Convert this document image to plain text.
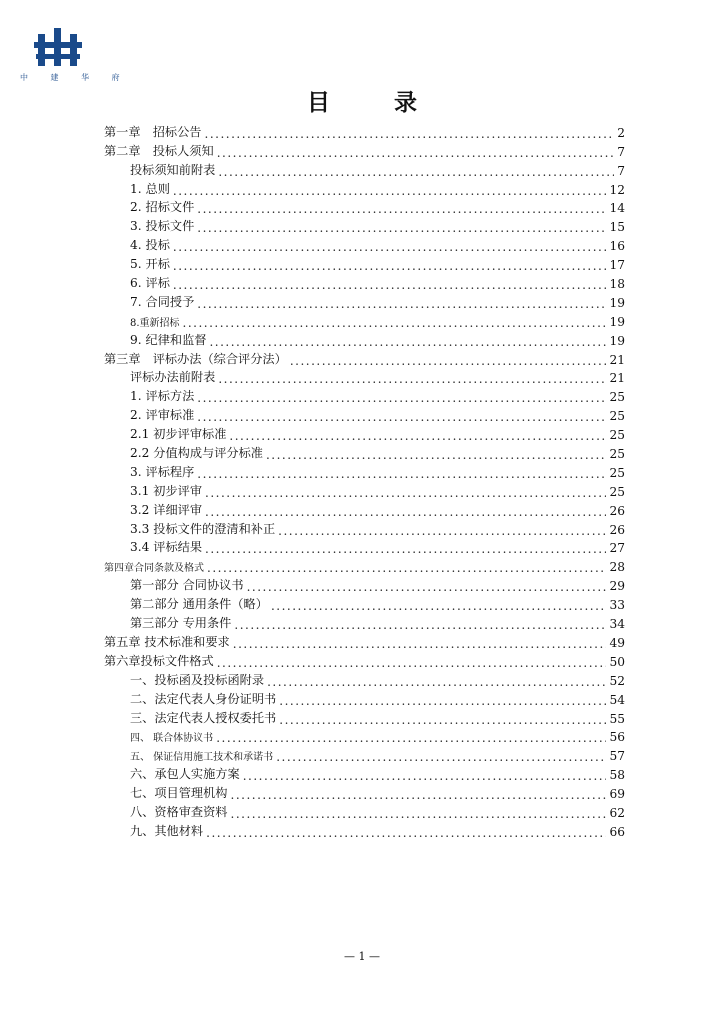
中 建 华 府
目 录
第一章　招标公告 .....	2
第二章　投标人须知 .....	7
投标须知前附表 .....	7
1. 总则 .....	12
2. 招标文件 .....	14
3. 投标文件 .....	15
4. 投标 .....	16
5. 开标 .....	17
6. 评标 .....	18
7. 合同授予 .....	19
8.重新招标 .....	19
9. 纪律和监督 .....	19
第三章　评标办法（综合评分法） .....	21
评标办法前附表 .....	21
1. 评标方法 .....	25
2. 评审标准 .....	25
2.1 初步评审标准 .....	25
2.2 分值构成与评分标准 .....	25
3. 评标程序 .....	25
3.1 初步评审 .....	25
3.2 详细评审 .....	26
3.3 投标文件的澄清和补正 .....	26
3.4 评标结果 .....	27
第四章合同条款及格式 .....	28
第一部分 合同协议书 .....	29
第二部分 通用条件（略） .....	33
第三部分 专用条件 .....	34
第五章 技术标准和要求 .....	49
第六章投标文件格式 .....	50
一、投标函及投标函附录 .....	52
二、法定代表人身份证明书 .....	54
三、法定代表人授权委托书 .....	55
四、 联合体协议书 .....	56
五、 保证信用施工技术和承诺书 .....	57
六、承包人实施方案 .....	58
七、项目管理机构 .....	69
八、资格审查资料 .....	62
九、其他材料 .....	66
— 1 —
